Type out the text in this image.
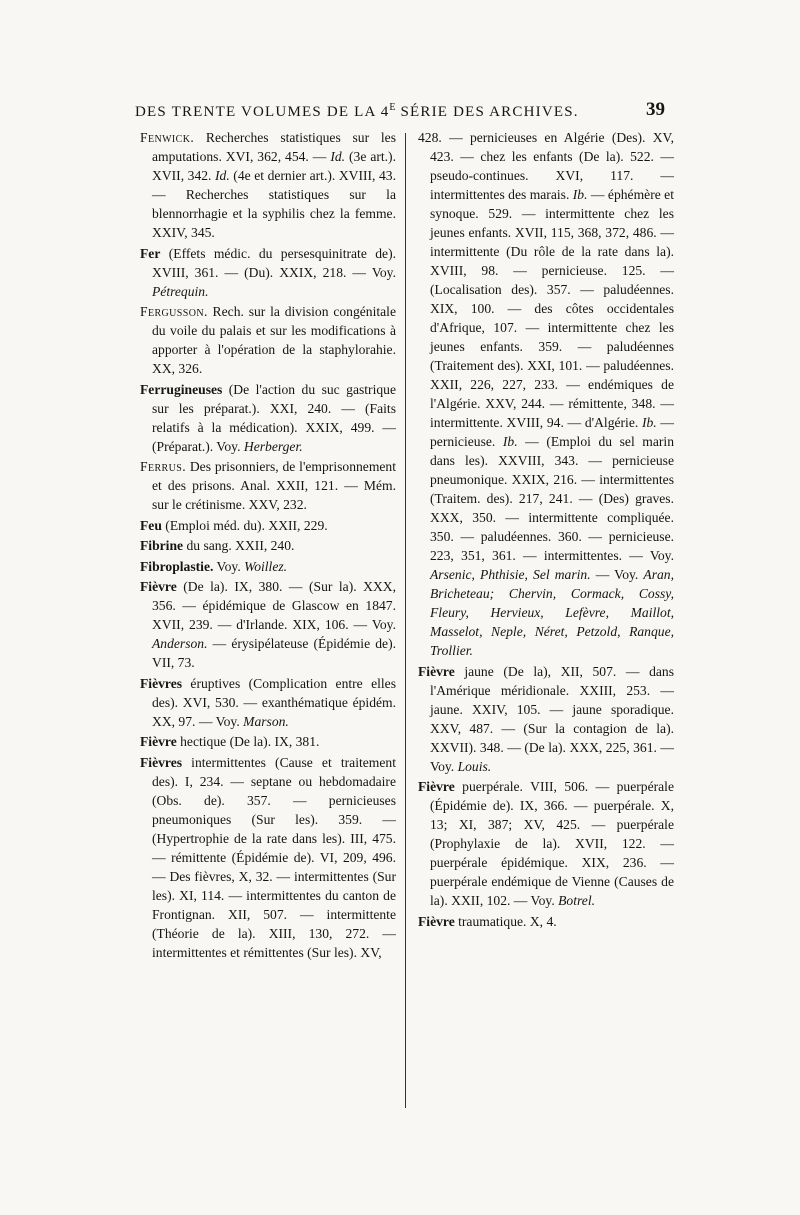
DES TRENTE VOLUMES DE LA $4^E$ SÉRIE DES ARCHIVES.	39

Fenwick. Recherches statistiques sur les amputations. XVI, 362, 454. — Id. (3e art.). XVII, 342. Id. (4e et dernier art.). XVIII, 43. — Recherches statistiques sur la blennorrhagie et la syphilis chez la femme. XXIV, 345.

Fer (Effets médic. du persesquinitrate de). XVIII, 361. — (Du). XXIX, 218. — Voy. Pétrequin.

Fergusson. Rech. sur la division congénitale du voile du palais et sur les modifications à apporter à l'opération de la staphylorahie. XX, 326.

Ferrugineuses (De l'action du suc gastrique sur les préparat.). XXI, 240. — (Faits relatifs à la médication). XXIX, 499. — (Préparat.). Voy. Herberger.

Ferrus. Des prisonniers, de l'emprisonnement et des prisons. Anal. XXII, 121. — Mém. sur le crétinisme. XXV, 232.

Feu (Emploi méd. du). XXII, 229.

Fibrine du sang. XXII, 240.

Fibroplastie. Voy. Woillez.

Fièvre (De la). IX, 380. — (Sur la). XXX, 356. — épidémique de Glascow en 1847. XVII, 239. — d'Irlande. XIX, 106. — Voy. Anderson. — érysipélateuse (Épidémie de). VII, 73.

Fièvres éruptives (Complication entre elles des). XVI, 530. — exanthématique épidém. XX, 97. — Voy. Marson.

Fièvre hectique (De la). IX, 381.

Fièvres intermittentes (Cause et traitement des). I, 234. — septane ou hebdomadaire (Obs. de). 357. — pernicieuses pneumoniques (Sur les). 359. — (Hypertrophie de la rate dans les). III, 475. — rémittente (Épidémie de). VI, 209, 496. — Des fièvres, X, 32. — intermittentes (Sur les). XI, 114. — intermittentes du canton de Frontignan. XII, 507. — intermittente (Théorie de la). XIII, 130, 272. — intermittentes et rémittentes (Sur les). XV,

428. — pernicieuses en Algérie (Des). XV, 423. — chez les enfants (De la). 522. — pseudo-continues. XVI, 117. — intermittentes des marais. Ib. — éphémère et synoque. 529. — intermittente chez les jeunes enfants. XVII, 115, 368, 372, 486. — intermittente (Du rôle de la rate dans la). XVIII, 98. — pernicieuse. 125. — (Localisation des). 357. — paludéennes. XIX, 100. — des côtes occidentales d'Afrique, 107. — intermittente chez les jeunes enfants. 359. — paludéennes (Traitement des). XXI, 101. — paludéennes. XXII, 226, 227, 233. — endémiques de l'Algérie. XXV, 244. — rémittente, 348. — intermittente. XVIII, 94. — d'Algérie. Ib. — pernicieuse. Ib. — (Emploi du sel marin dans les). XXVIII, 343. — pernicieuse pneumonique. XXIX, 216. — intermittentes (Traitem. des). 217, 241. — (Des) graves. XXX, 350. — intermittente compliquée. 350. — paludéennes. 360. — pernicieuse. 223, 351, 361. — intermittentes. — Voy. Arsenic, Phthisie, Sel marin. — Voy. Aran, Bricheteau; Chervin, Cormack, Cossy, Fleury, Hervieux, Lefèvre, Maillot, Masselot, Neple, Néret, Petzold, Ranque, Trollier.

Fièvre jaune (De la), XII, 507. — dans l'Amérique méridionale. XXIII, 253. — jaune. XXIV, 105. — jaune sporadique. XXV, 487. — (Sur la contagion de la). XXVII). 348. — (De la). XXX, 225, 361. — Voy. Louis.

Fièvre puerpérale. VIII, 506. — puerpérale (Épidémie de). IX, 366. — puerpérale. X, 13; XI, 387; XV, 425. — puerpérale (Prophylaxie de la). XVII, 122. — puerpérale épidémique. XIX, 236. — puerpérale endémique de Vienne (Causes de la). XXII, 102. — Voy. Botrel.

Fièvre traumatique. X, 4.
